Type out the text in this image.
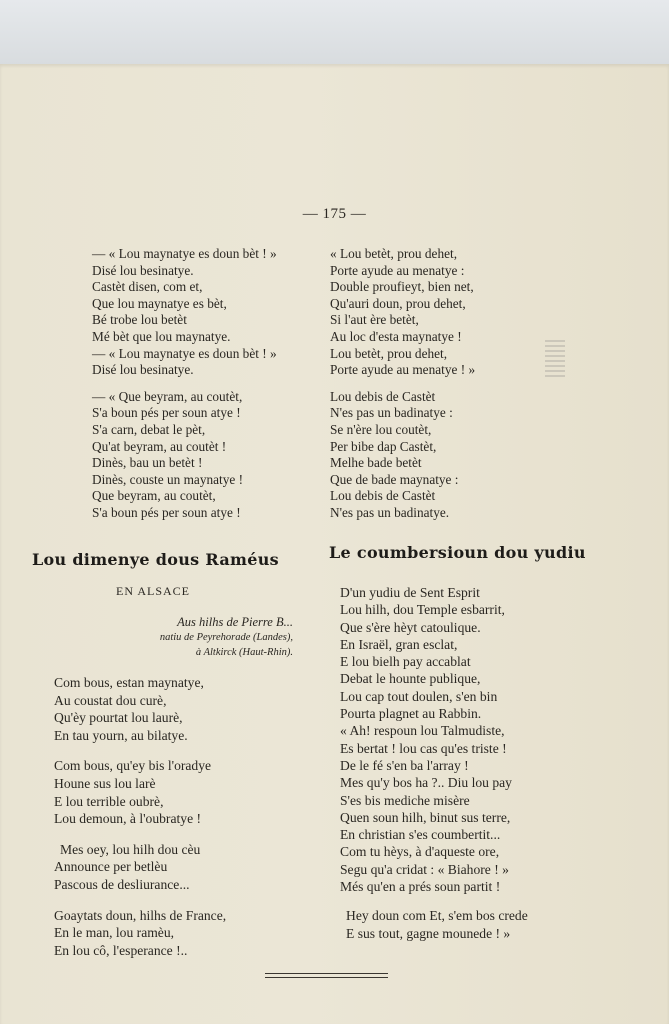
— 175 —
— « Lou maynatye es doun bèt ! »
Disé lou besinatye.
Castèt disen, com et,
Que lou maynatye es bèt,
Bé trobe lou betèt
Mé bèt que lou maynatye.
— « Lou maynatye es doun bèt ! »
Disé lou besinatye.
— « Que beyram, au coutèt,
S'a boun pés per soun atye !
S'a carn, debat le pèt,
Qu'at beyram, au coutèt !
Dinès, bau un betèt !
Dinès, couste un maynatye !
Que beyram, au coutèt,
S'a boun pés per soun atye !
« Lou betèt, prou dehet,
Porte ayude au menatye :
Double proufieyt, bien net,
Qu'auri doun, prou dehet,
Si l'aut ère betèt,
Au loc d'esta maynatye !
Lou betèt, prou dehet,
Porte ayude au menatye ! »
Lou debis de Castèt
N'es pas un badinatye :
Se n'ère lou coutèt,
Per bibe dap Castèt,
Melhe bade betèt
Que de bade maynatye :
Lou debis de Castèt
N'es pas un badinatye.
Lou dimenye dous Raméus
EN ALSACE
Aus hilhs de Pierre B...
natiu de Peyrehorade (Landes),
à Altkirck (Haut-Rhin).
Com bous, estan maynatye,
Au coustat dou curè,
Qu'èy pourtat lou laurè,
En tau yourn, au bilatye.
Com bous, qu'ey bis l'oradye
Houne sus lou larè
E lou terrible oubrè,
Lou demoun, à l'oubratye !
Mes oey, lou hilh dou cèu
Announce per betlèu
Pascous de desliurance...
Goaytats doun, hilhs de France,
En le man, lou ramèu,
En lou cô, l'esperance !..
Le coumbersioun dou yudiu
D'un yudiu de Sent Esprit
Lou hilh, dou Temple esbarrit,
Que s'ère hèyt catoulique.
En Israël, gran esclat,
E lou bielh pay accablat
Debat le hounte publique,
Lou cap tout doulen, s'en bin
Pourta plagnet au Rabbin.
« Ah! respoun lou Talmudiste,
Es bertat ! lou cas qu'es triste !
De le fé s'en ba l'array !
Mes qu'y bos ha ?.. Diu lou pay
S'es bis mediche misère
Quen soun hilh, binut sus terre,
En christian s'es coumbertit...
Com tu hèys, à d'aqueste ore,
Segu qu'a cridat : « Biahore ! »
Més qu'en a prés soun partit !
Hey doun com Et, s'em bos crede
E sus tout, gagne mounede ! »
